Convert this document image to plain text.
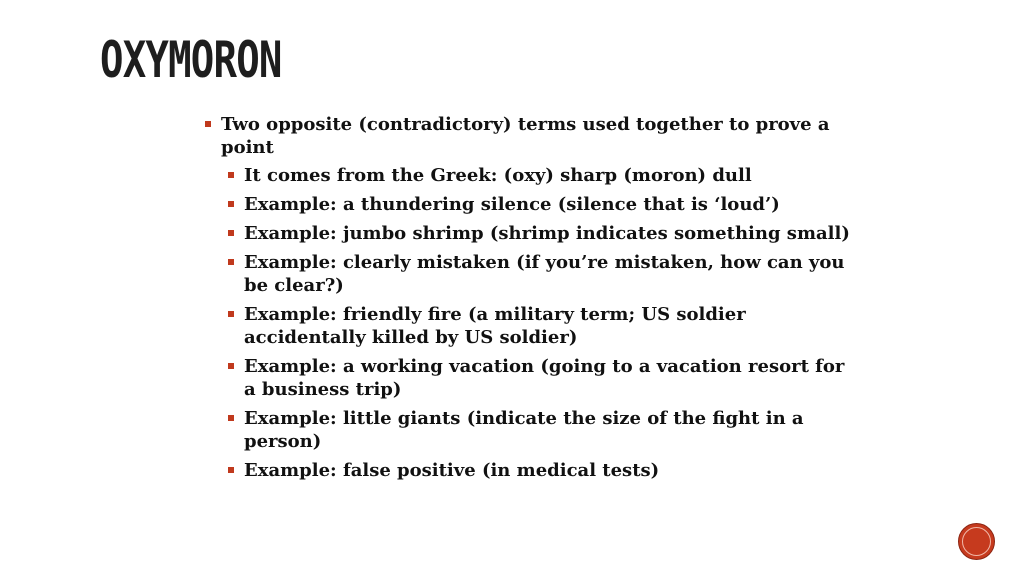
OXYMORON
Two opposite (contradictory) terms used together to prove a point
It comes from the Greek: (oxy) sharp (moron) dull
Example: a thundering silence (silence that is ‘loud’)
Example: jumbo shrimp (shrimp indicates something small)
Example: clearly mistaken (if you’re mistaken, how can you be clear?)
Example: friendly fire (a military term; US soldier accidentally killed by US soldier)
Example: a working vacation (going to a vacation resort for a business trip)
Example: little giants (indicate the size of the fight in a person)
Example: false positive (in medical tests)
